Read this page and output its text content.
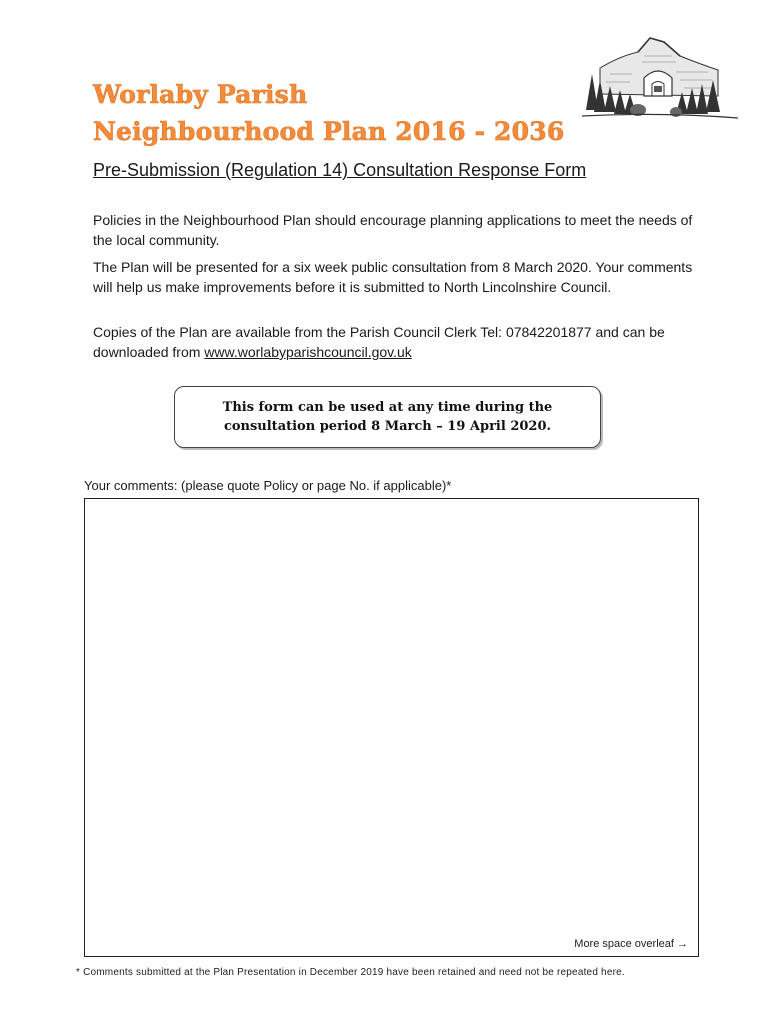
Worlaby Parish
Neighbourhood Plan 2016 - 2036
Pre-Submission (Regulation 14) Consultation Response Form

Policies in the Neighbourhood Plan should encourage planning applications to meet the needs of the local community.

The Plan will be presented for a six week public consultation from 8 March 2020. Your comments will help us make improvements before it is submitted to North Lincolnshire Council.

Copies of the Plan are available from the Parish Council Clerk Tel: 07842201877 and can be downloaded from www.worlabyparishcouncil.gov.uk

This form can be used at any time during the consultation period 8 March – 19 April 2020.

Your comments: (please quote Policy or page No. if applicable)*

More space overleaf →

* Comments submitted at the Plan Presentation in December 2019 have been retained and need not be repeated here.
